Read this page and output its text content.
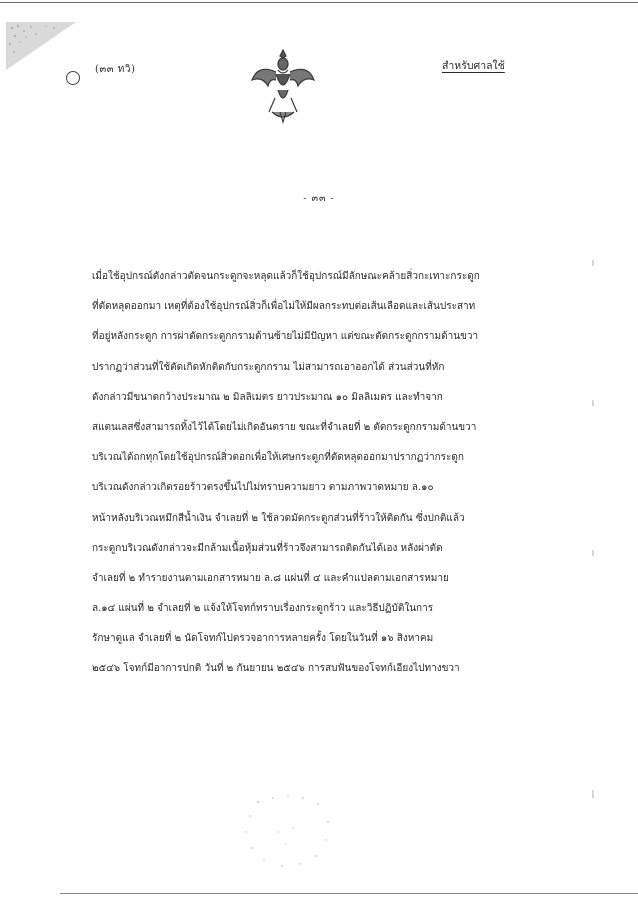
(๓๓ ทวิ)	สำหรับศาลใช้
- ๓๓ -
เมื่อใช้อุปกรณ์ดังกล่าวตัดจนกระดูกจะหลุดแล้วก็ใช้อุปกรณ์มีลักษณะคล้ายสิ่วกะเทาะกระดูก
ที่ตัดหลุดออกมา เหตุที่ต้องใช้อุปกรณ์สิ่วก็เพื่อไม่ให้มีผลกระทบต่อเส้นเลือดและเส้นประสาท
ที่อยู่หลังกระดูก การผ่าตัดกระดูกกรามด้านซ้ายไม่มีปัญหา แต่ขณะตัดกระดูกกรามด้านขวา
ปรากฏว่าส่วนที่ใช้ตัดเกิดหักติดกับกระดูกกราม ไม่สามารถเอาออกได้ ส่วนส่วนที่หัก
ดังกล่าวมีขนาดกว้างประมาณ ๒ มิลลิเมตร ยาวประมาณ ๑๐ มิลลิเมตร และทำจาก
สแตนเลสซึ่งสามารถทิ้งไว้ได้โดยไม่เกิดอันตราย ขณะที่จำเลยที่ ๒ ตัดกระดูกกรามด้านขวา
บริเวณได้ถกทุกโดยใช้อุปกรณ์สิ่วตอกเพื่อให้เศษกระดูกที่ตัดหลุดออกมาปรากฏว่ากระดูก
บริเวณดังกล่าวเกิดรอยร้าวตรงขึ้นไปไม่ทราบความยาว ตามภาพวาดหมาย ล.๑๐
หน้าหลังบริเวณหมึกสีน้ำเงิน จำเลยที่ ๒ ใช้ลวดมัดกระดูกส่วนที่ร้าวให้ติดกัน ซึ่งปกติแล้ว
กระดูกบริเวณดังกล่าวจะมีกล้ามเนื้อหุ้มส่วนที่ร้าวจึงสามารถติดกันได้เอง หลังผ่าตัด
จำเลยที่ ๒ ทำรายงานตามเอกสารหมาย ล.๘ แผ่นที่ ๔ และคำแปลตามเอกสารหมาย
ล.๑๔ แผ่นที่ ๒ จำเลยที่ ๒ แจ้งให้โจทก์ทราบเรื่องกระดูกร้าว และวิธีปฏิบัติในการ
รักษาดูแล จำเลยที่ ๒ นัดโจทก์ไปตรวจอาการหลายครั้ง โดยในวันที่ ๑๖ สิงหาคม
๒๕๔๖ โจทก์มีอาการปกติ วันที่ ๒ กันยายน ๒๕๔๖ การสบฟันของโจทก์เอียงไปทางขวา
